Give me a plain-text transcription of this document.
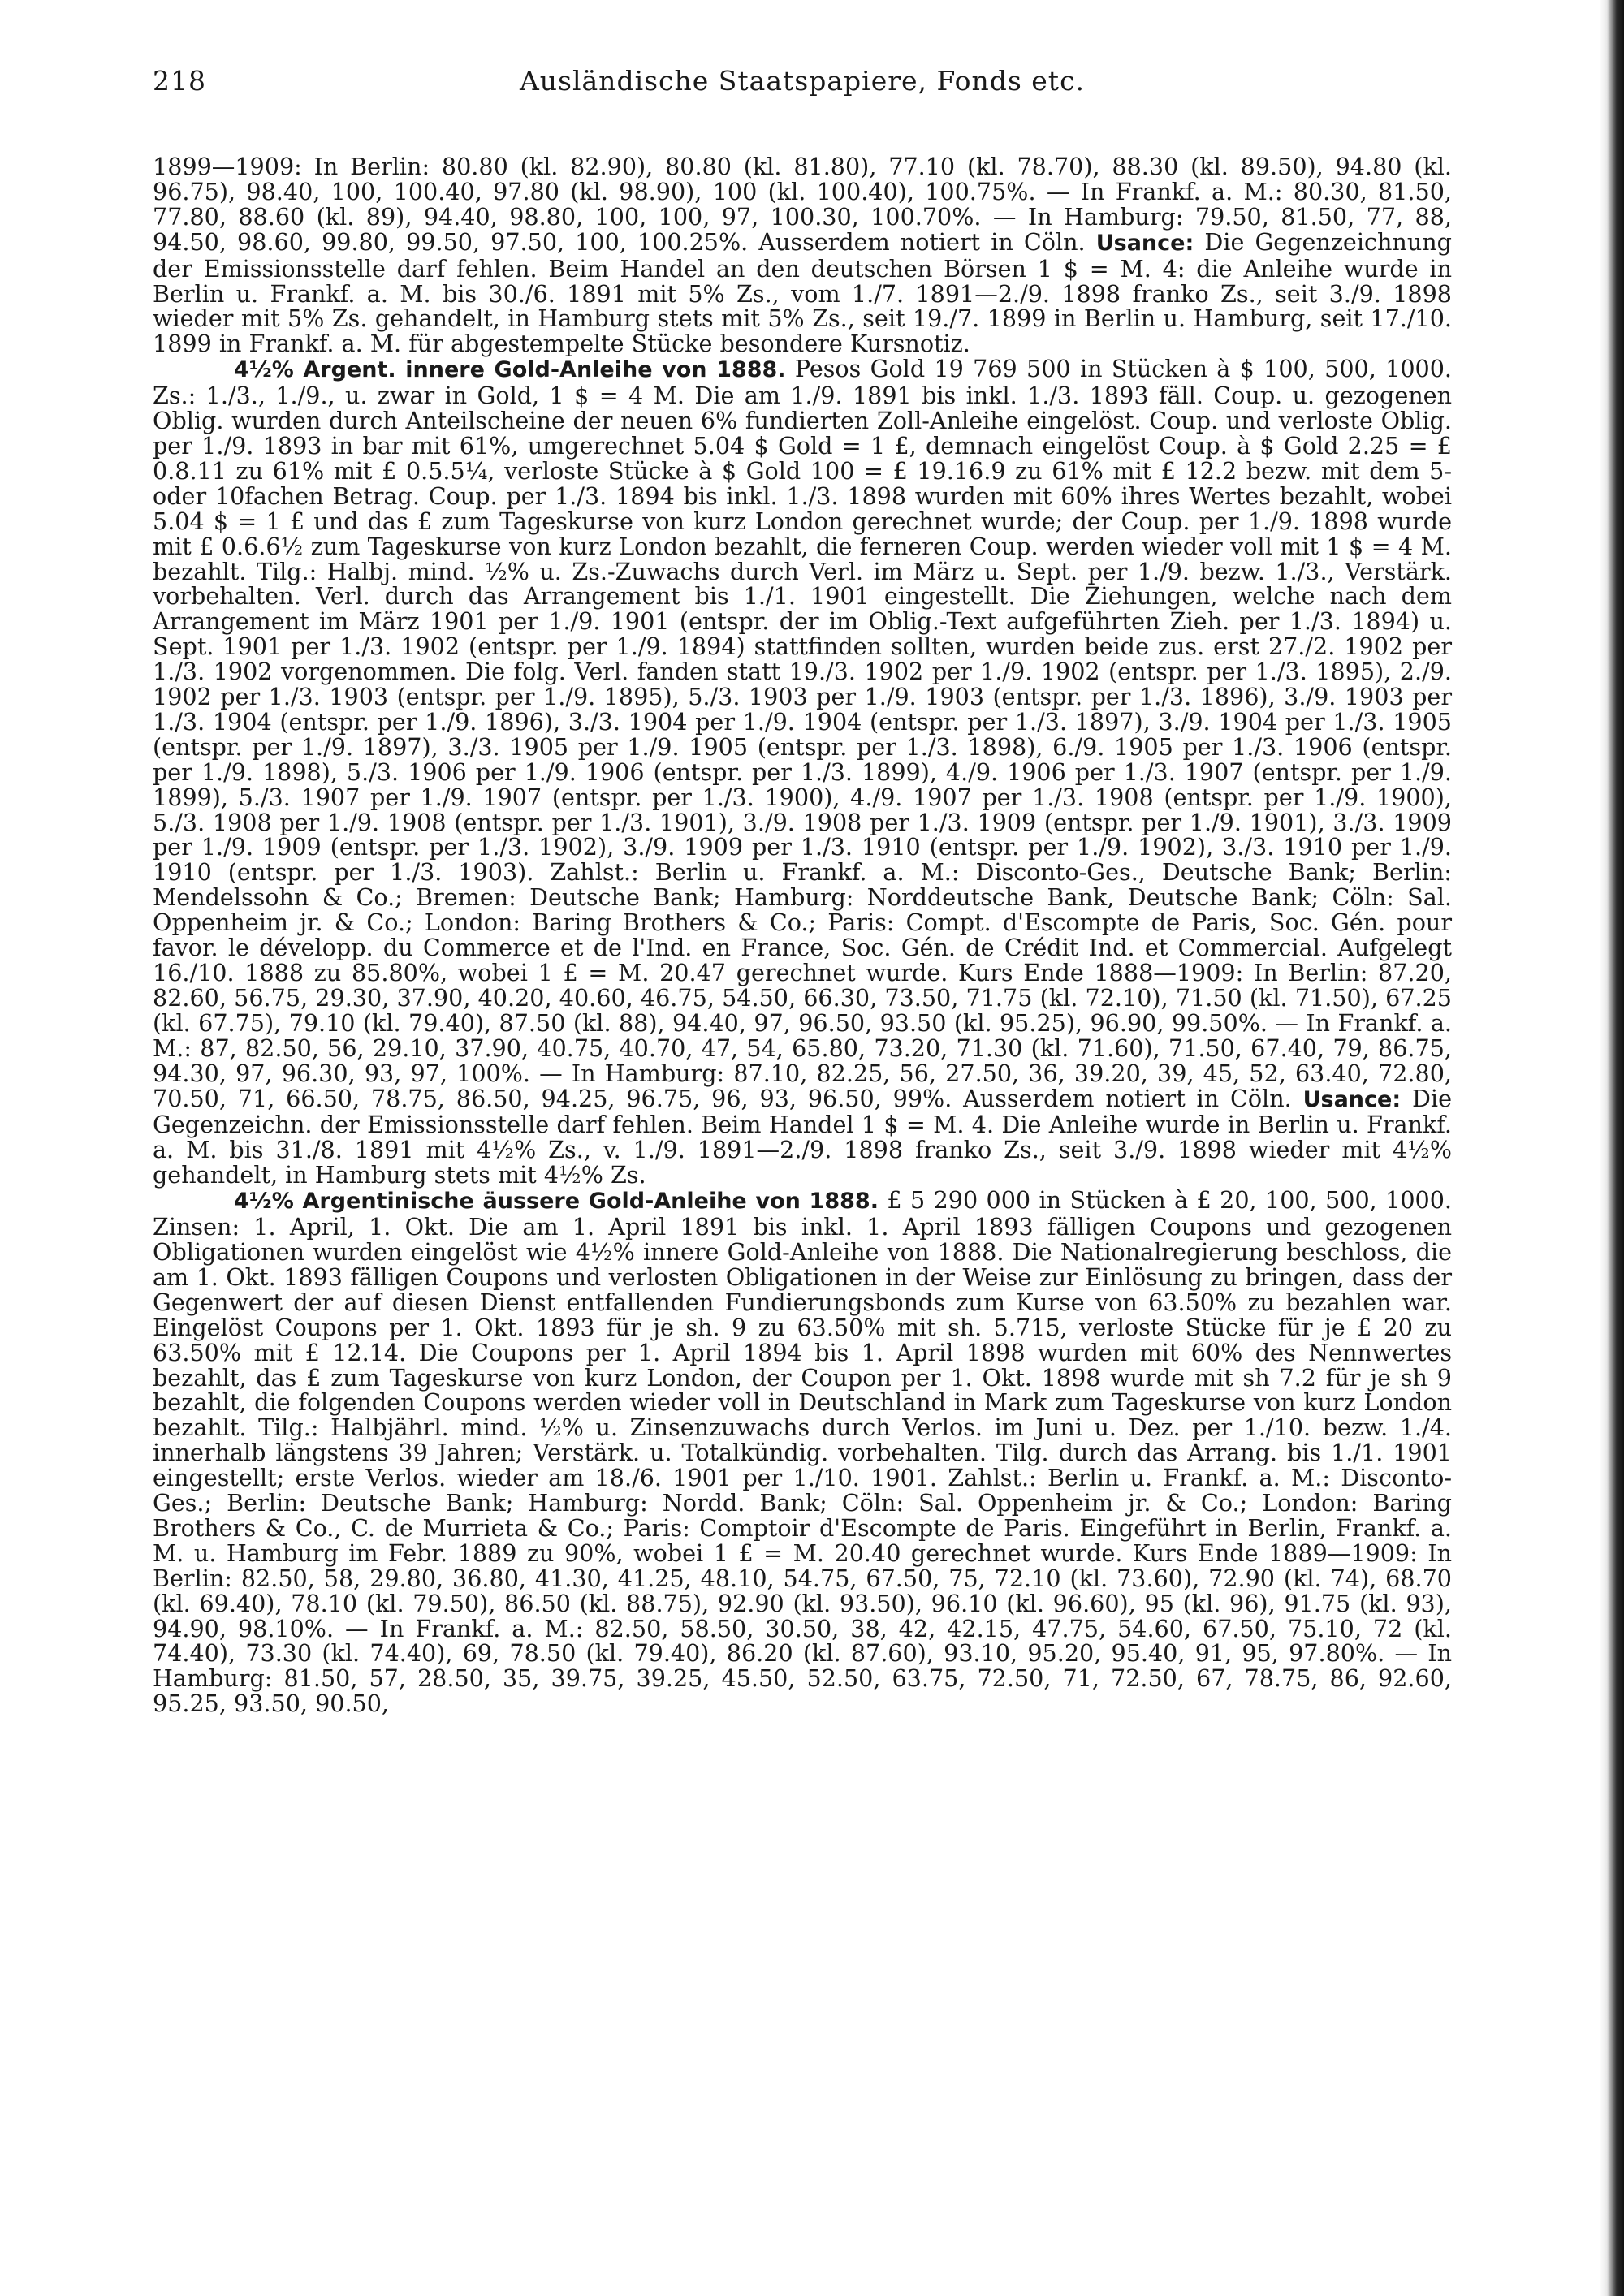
218	Ausländische Staatspapiere, Fonds etc.

1899—1909: In Berlin: 80.80 (kl. 82.90), 80.80 (kl. 81.80), 77.10 (kl. 78.70), 88.30 (kl. 89.50), 94.80 (kl. 96.75), 98.40, 100, 100.40, 97.80 (kl. 98.90), 100 (kl. 100.40), 100.75%. — In Frankf. a. M.: 80.30, 81.50, 77.80, 88.60 (kl. 89), 94.40, 98.80, 100, 100, 97, 100.30, 100.70%. — In Hamburg: 79.50, 81.50, 77, 88, 94.50, 98.60, 99.80, 99.50, 97.50, 100, 100.25%. Ausserdem notiert in Cöln. Usance: Die Gegenzeichnung der Emissionsstelle darf fehlen. Beim Handel an den deutschen Börsen 1 $ = M. 4: die Anleihe wurde in Berlin u. Frankf. a. M. bis 30./6. 1891 mit 5% Zs., vom 1./7. 1891—2./9. 1898 franko Zs., seit 3./9. 1898 wieder mit 5% Zs. gehandelt, in Hamburg stets mit 5% Zs., seit 19./7. 1899 in Berlin u. Hamburg, seit 17./10. 1899 in Frankf. a. M. für abgestempelte Stücke besondere Kursnotiz.

4½% Argent. innere Gold-Anleihe von 1888. Pesos Gold 19 769 500 in Stücken à $ 100, 500, 1000. Zs.: 1./3., 1./9., u. zwar in Gold, 1 $ = 4 M. Die am 1./9. 1891 bis inkl. 1./3. 1893 fäll. Coup. u. gezogenen Oblig. wurden durch Anteilscheine der neuen 6% fundierten Zoll-Anleihe eingelöst. Coup. und verloste Oblig. per 1./9. 1893 in bar mit 61%, umgerechnet 5.04 $ Gold = 1 £, demnach eingelöst Coup. à $ Gold 2.25 = £ 0.8.11 zu 61% mit £ 0.5.5¼, verloste Stücke à $ Gold 100 = £ 19.16.9 zu 61% mit £ 12.2 bezw. mit dem 5- oder 10fachen Betrag. Coup. per 1./3. 1894 bis inkl. 1./3. 1898 wurden mit 60% ihres Wertes bezahlt, wobei 5.04 $ = 1 £ und das £ zum Tageskurse von kurz London gerechnet wurde; der Coup. per 1./9. 1898 wurde mit £ 0.6.6½ zum Tageskurse von kurz London bezahlt, die ferneren Coup. werden wieder voll mit 1 $ = 4 M. bezahlt. Tilg.: Halbj. mind. ½% u. Zs.-Zuwachs durch Verl. im März u. Sept. per 1./9. bezw. 1./3., Verstärk. vorbehalten. Verl. durch das Arrangement bis 1./1. 1901 eingestellt. Die Ziehungen, welche nach dem Arrangement im März 1901 per 1./9. 1901 (entspr. der im Oblig.-Text aufgeführten Zieh. per 1./3. 1894) u. Sept. 1901 per 1./3. 1902 (entspr. per 1./9. 1894) stattfinden sollten, wurden beide zus. erst 27./2. 1902 per 1./3. 1902 vorgenommen. Die folg. Verl. fanden statt 19./3. 1902 per 1./9. 1902 (entspr. per 1./3. 1895), 2./9. 1902 per 1./3. 1903 (entspr. per 1./9. 1895), 5./3. 1903 per 1./9. 1903 (entspr. per 1./3. 1896), 3./9. 1903 per 1./3. 1904 (entspr. per 1./9. 1896), 3./3. 1904 per 1./9. 1904 (entspr. per 1./3. 1897), 3./9. 1904 per 1./3. 1905 (entspr. per 1./9. 1897), 3./3. 1905 per 1./9. 1905 (entspr. per 1./3. 1898), 6./9. 1905 per 1./3. 1906 (entspr. per 1./9. 1898), 5./3. 1906 per 1./9. 1906 (entspr. per 1./3. 1899), 4./9. 1906 per 1./3. 1907 (entspr. per 1./9. 1899), 5./3. 1907 per 1./9. 1907 (entspr. per 1./3. 1900), 4./9. 1907 per 1./3. 1908 (entspr. per 1./9. 1900), 5./3. 1908 per 1./9. 1908 (entspr. per 1./3. 1901), 3./9. 1908 per 1./3. 1909 (entspr. per 1./9. 1901), 3./3. 1909 per 1./9. 1909 (entspr. per 1./3. 1902), 3./9. 1909 per 1./3. 1910 (entspr. per 1./9. 1902), 3./3. 1910 per 1./9. 1910 (entspr. per 1./3. 1903). Zahlst.: Berlin u. Frankf. a. M.: Disconto-Ges., Deutsche Bank; Berlin: Mendelssohn & Co.; Bremen: Deutsche Bank; Hamburg: Norddeutsche Bank, Deutsche Bank; Cöln: Sal. Oppenheim jr. & Co.; London: Baring Brothers & Co.; Paris: Compt. d'Escompte de Paris, Soc. Gén. pour favor. le développ. du Commerce et de l'Ind. en France, Soc. Gén. de Crédit Ind. et Commercial. Aufgelegt 16./10. 1888 zu 85.80%, wobei 1 £ = M. 20.47 gerechnet wurde. Kurs Ende 1888—1909: In Berlin: 87.20, 82.60, 56.75, 29.30, 37.90, 40.20, 40.60, 46.75, 54.50, 66.30, 73.50, 71.75 (kl. 72.10), 71.50 (kl. 71.50), 67.25 (kl. 67.75), 79.10 (kl. 79.40), 87.50 (kl. 88), 94.40, 97, 96.50, 93.50 (kl. 95.25), 96.90, 99.50%. — In Frankf. a. M.: 87, 82.50, 56, 29.10, 37.90, 40.75, 40.70, 47, 54, 65.80, 73.20, 71.30 (kl. 71.60), 71.50, 67.40, 79, 86.75, 94.30, 97, 96.30, 93, 97, 100%. — In Hamburg: 87.10, 82.25, 56, 27.50, 36, 39.20, 39, 45, 52, 63.40, 72.80, 70.50, 71, 66.50, 78.75, 86.50, 94.25, 96.75, 96, 93, 96.50, 99%. Ausserdem notiert in Cöln. Usance: Die Gegenzeichn. der Emissionsstelle darf fehlen. Beim Handel 1 $ = M. 4. Die Anleihe wurde in Berlin u. Frankf. a. M. bis 31./8. 1891 mit 4½% Zs., v. 1./9. 1891—2./9. 1898 franko Zs., seit 3./9. 1898 wieder mit 4½% gehandelt, in Hamburg stets mit 4½% Zs.

4½% Argentinische äussere Gold-Anleihe von 1888. £ 5 290 000 in Stücken à £ 20, 100, 500, 1000. Zinsen: 1. April, 1. Okt. Die am 1. April 1891 bis inkl. 1. April 1893 fälligen Coupons und gezogenen Obligationen wurden eingelöst wie 4½% innere Gold-Anleihe von 1888. Die Nationalregierung beschloss, die am 1. Okt. 1893 fälligen Coupons und verlosten Obligationen in der Weise zur Einlösung zu bringen, dass der Gegenwert der auf diesen Dienst entfallenden Fundierungsbonds zum Kurse von 63.50% zu bezahlen war. Eingelöst Coupons per 1. Okt. 1893 für je sh. 9 zu 63.50% mit sh. 5.715, verloste Stücke für je £ 20 zu 63.50% mit £ 12.14. Die Coupons per 1. April 1894 bis 1. April 1898 wurden mit 60% des Nennwertes bezahlt, das £ zum Tageskurse von kurz London, der Coupon per 1. Okt. 1898 wurde mit sh 7.2 für je sh 9 bezahlt, die folgenden Coupons werden wieder voll in Deutschland in Mark zum Tageskurse von kurz London bezahlt. Tilg.: Halbjährl. mind. ½% u. Zinsenzuwachs durch Verlos. im Juni u. Dez. per 1./10. bezw. 1./4. innerhalb längstens 39 Jahren; Verstärk. u. Totalkündig. vorbehalten. Tilg. durch das Arrang. bis 1./1. 1901 eingestellt; erste Verlos. wieder am 18./6. 1901 per 1./10. 1901. Zahlst.: Berlin u. Frankf. a. M.: Disconto-Ges.; Berlin: Deutsche Bank; Hamburg: Nordd. Bank; Cöln: Sal. Oppenheim jr. & Co.; London: Baring Brothers & Co., C. de Murrieta & Co.; Paris: Comptoir d'Escompte de Paris. Eingeführt in Berlin, Frankf. a. M. u. Hamburg im Febr. 1889 zu 90%, wobei 1 £ = M. 20.40 gerechnet wurde. Kurs Ende 1889—1909: In Berlin: 82.50, 58, 29.80, 36.80, 41.30, 41.25, 48.10, 54.75, 67.50, 75, 72.10 (kl. 73.60), 72.90 (kl. 74), 68.70 (kl. 69.40), 78.10 (kl. 79.50), 86.50 (kl. 88.75), 92.90 (kl. 93.50), 96.10 (kl. 96.60), 95 (kl. 96), 91.75 (kl. 93), 94.90, 98.10%. — In Frankf. a. M.: 82.50, 58.50, 30.50, 38, 42, 42.15, 47.75, 54.60, 67.50, 75.10, 72 (kl. 74.40), 73.30 (kl. 74.40), 69, 78.50 (kl. 79.40), 86.20 (kl. 87.60), 93.10, 95.20, 95.40, 91, 95, 97.80%. — In Hamburg: 81.50, 57, 28.50, 35, 39.75, 39.25, 45.50, 52.50, 63.75, 72.50, 71, 72.50, 67, 78.75, 86, 92.60, 95.25, 93.50, 90.50,
